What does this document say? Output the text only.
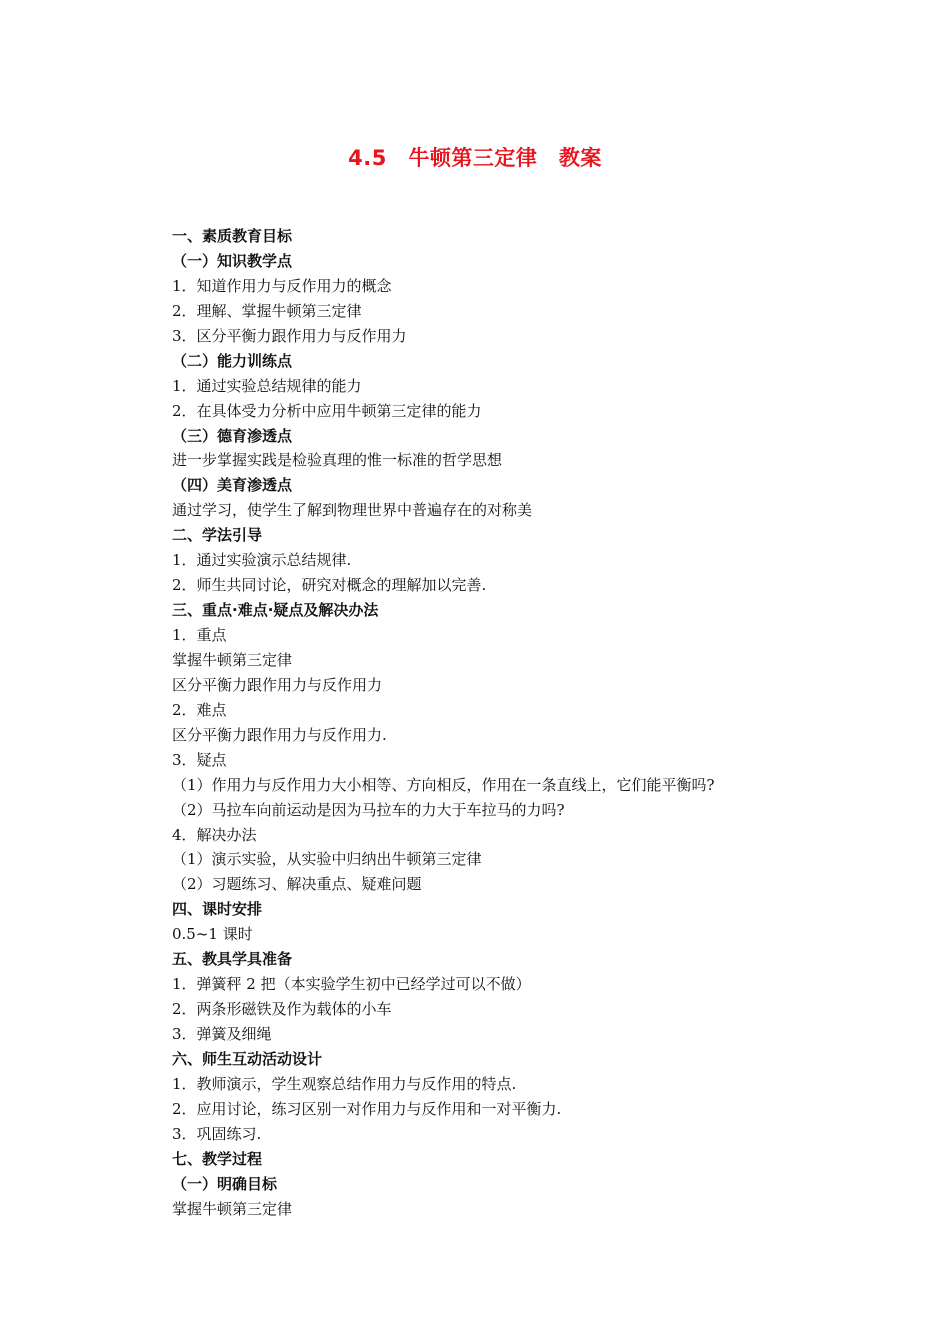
4.5　牛顿第三定律　教案
一、素质教育目标
（一）知识教学点
1．知道作用力与反作用力的概念
2．理解、掌握牛顿第三定律
3．区分平衡力跟作用力与反作用力
（二）能力训练点
1．通过实验总结规律的能力
2．在具体受力分析中应用牛顿第三定律的能力
（三）德育渗透点
进一步掌握实践是检验真理的惟一标准的哲学思想
（四）美育渗透点
通过学习，使学生了解到物理世界中普遍存在的对称美
二、学法引导
1．通过实验演示总结规律.
2．师生共同讨论，研究对概念的理解加以完善.
三、重点·难点·疑点及解决办法
1．重点
掌握牛顿第三定律
区分平衡力跟作用力与反作用力
2．难点
区分平衡力跟作用力与反作用力.
3．疑点
（1）作用力与反作用力大小相等、方向相反，作用在一条直线上，它们能平衡吗?
（2）马拉车向前运动是因为马拉车的力大于车拉马的力吗?
4．解决办法
（1）演示实验，从实验中归纳出牛顿第三定律
（2）习题练习、解决重点、疑难问题
四、课时安排
0.5~1 课时
五、教具学具准备
1．弹簧秤 2 把（本实验学生初中已经学过可以不做）
2．两条形磁铁及作为载体的小车
3．弹簧及细绳
六、师生互动活动设计
1．教师演示，学生观察总结作用力与反作用的特点.
2．应用讨论，练习区别一对作用力与反作用和一对平衡力.
3．巩固练习.
七、教学过程
（一）明确目标
掌握牛顿第三定律
